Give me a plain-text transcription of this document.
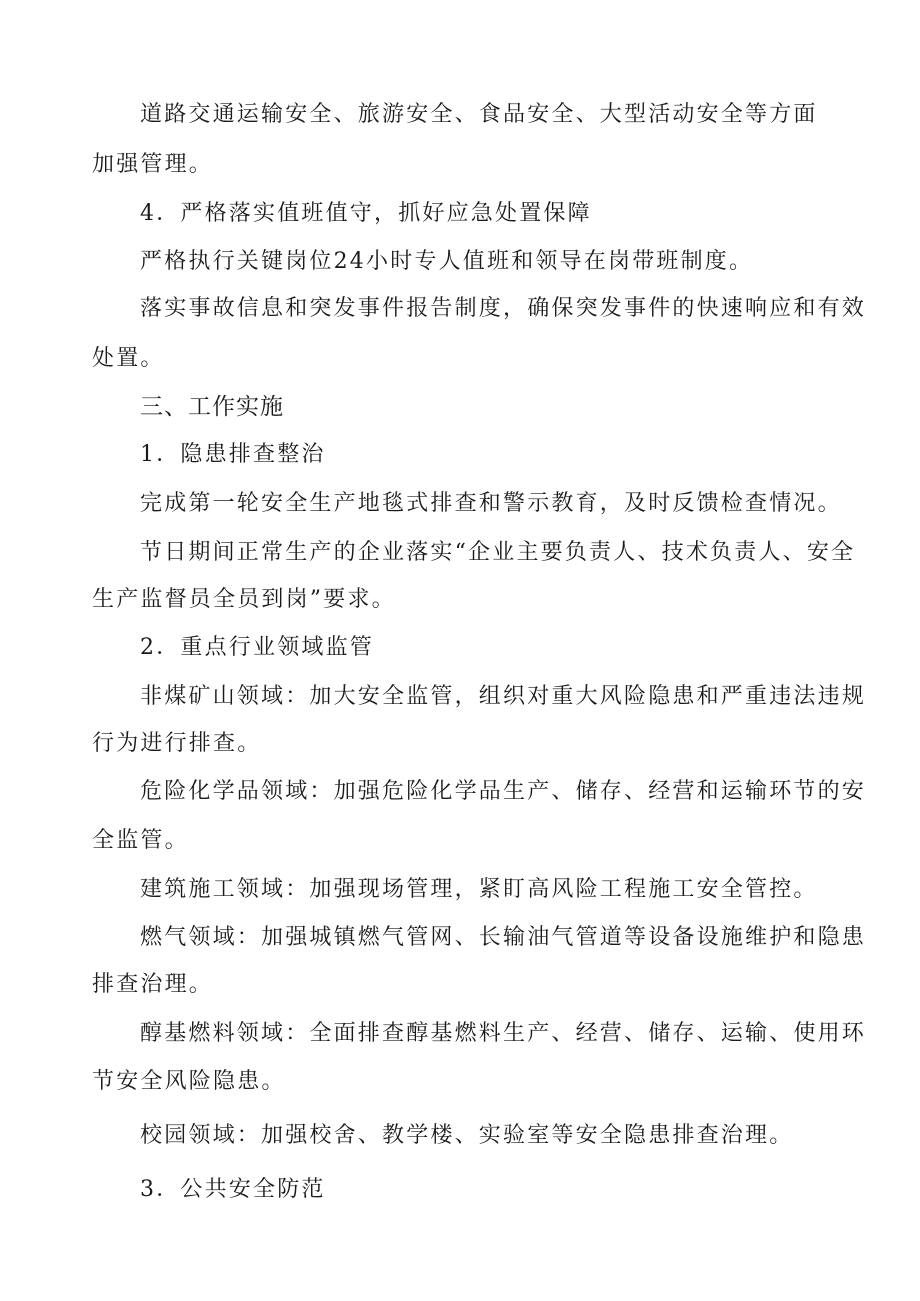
道路交通运输安全、旅游安全、食品安全、大型活动安全等方面
加强管理。
4．严格落实值班值守，抓好应急处置保障
严格执行关键岗位24小时专人值班和领导在岗带班制度。
落实事故信息和突发事件报告制度，确保突发事件的快速响应和有效
处置。
三、工作实施
1．隐患排查整治
完成第一轮安全生产地毯式排查和警示教育，及时反馈检查情况。
节日期间正常生产的企业落实“企业主要负责人、技术负责人、安全
生产监督员全员到岗”要求。
2．重点行业领域监管
非煤矿山领域：加大安全监管，组织对重大风险隐患和严重违法违规
行为进行排查。
危险化学品领域：加强危险化学品生产、储存、经营和运输环节的安
全监管。
建筑施工领域：加强现场管理，紧盯高风险工程施工安全管控。
燃气领域：加强城镇燃气管网、长输油气管道等设备设施维护和隐患
排查治理。
醇基燃料领域：全面排查醇基燃料生产、经营、储存、运输、使用环
节安全风险隐患。
校园领域：加强校舍、教学楼、实验室等安全隐患排查治理。
3．公共安全防范
